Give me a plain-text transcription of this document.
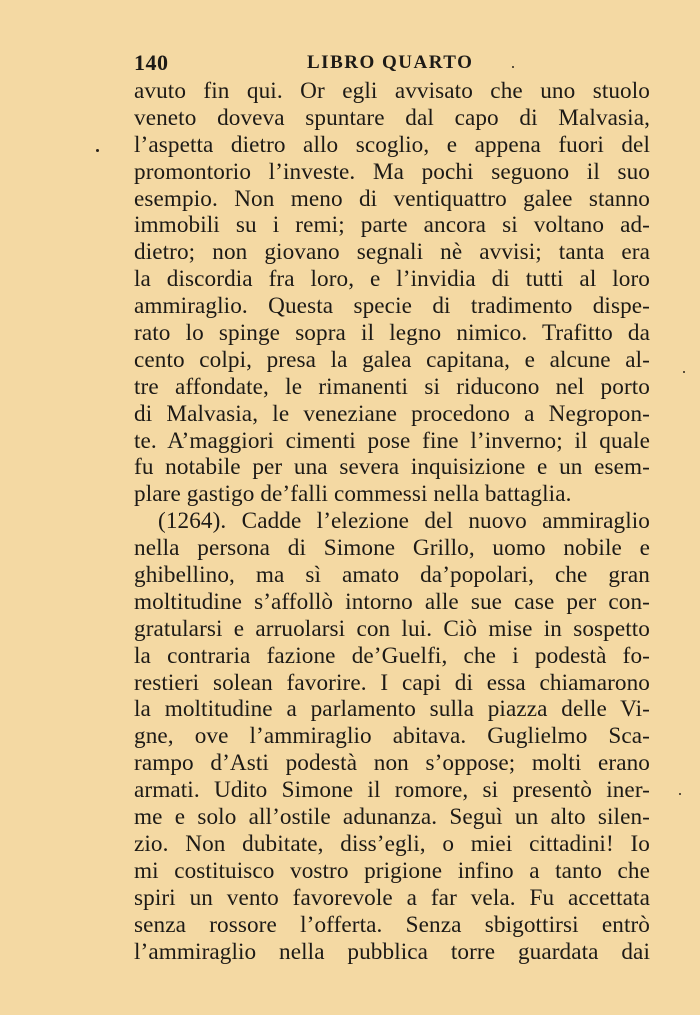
140	LIBRO QUARTO
avuto fin qui. Or egli avvisato che uno stuolo
veneto doveva spuntare dal capo di Malvasia,
l’aspetta dietro allo scoglio, e appena fuori del
promontorio l’investe. Ma pochi seguono il suo
esempio. Non meno di ventiquattro galee stanno
immobili su i remi; parte ancora si voltano ad-
dietro; non giovano segnali nè avvisi; tanta era
la discordia fra loro, e l’invidia di tutti al loro
ammiraglio. Questa specie di tradimento dispe-
rato lo spinge sopra il legno nimico. Trafitto da
cento colpi, presa la galea capitana, e alcune al-
tre affondate, le rimanenti si riducono nel porto
di Malvasia, le veneziane procedono a Negropon-
te. A’maggiori cimenti pose fine l’inverno; il quale
fu notabile per una severa inquisizione e un esem-
plare gastigo de’falli commessi nella battaglia.
(1264). Cadde l’elezione del nuovo ammiraglio
nella persona di Simone Grillo, uomo nobile e
ghibellino, ma sì amato da’popolari, che gran
moltitudine s’affollò intorno alle sue case per con-
gratularsi e arruolarsi con lui. Ciò mise in sospetto
la contraria fazione de’Guelfi, che i podestà fo-
restieri solean favorire. I capi di essa chiamarono
la moltitudine a parlamento sulla piazza delle Vi-
gne, ove l’ammiraglio abitava. Guglielmo Sca-
rampo d’Asti podestà non s’oppose; molti erano
armati. Udito Simone il romore, si presentò iner-
me e solo all’ostile adunanza. Seguì un alto silen-
zio. Non dubitate, diss’egli, o miei cittadini! Io
mi costituisco vostro prigione infino a tanto che
spiri un vento favorevole a far vela. Fu accettata
senza rossore l’offerta. Senza sbigottirsi entrò
l’ammiraglio nella pubblica torre guardata dai
